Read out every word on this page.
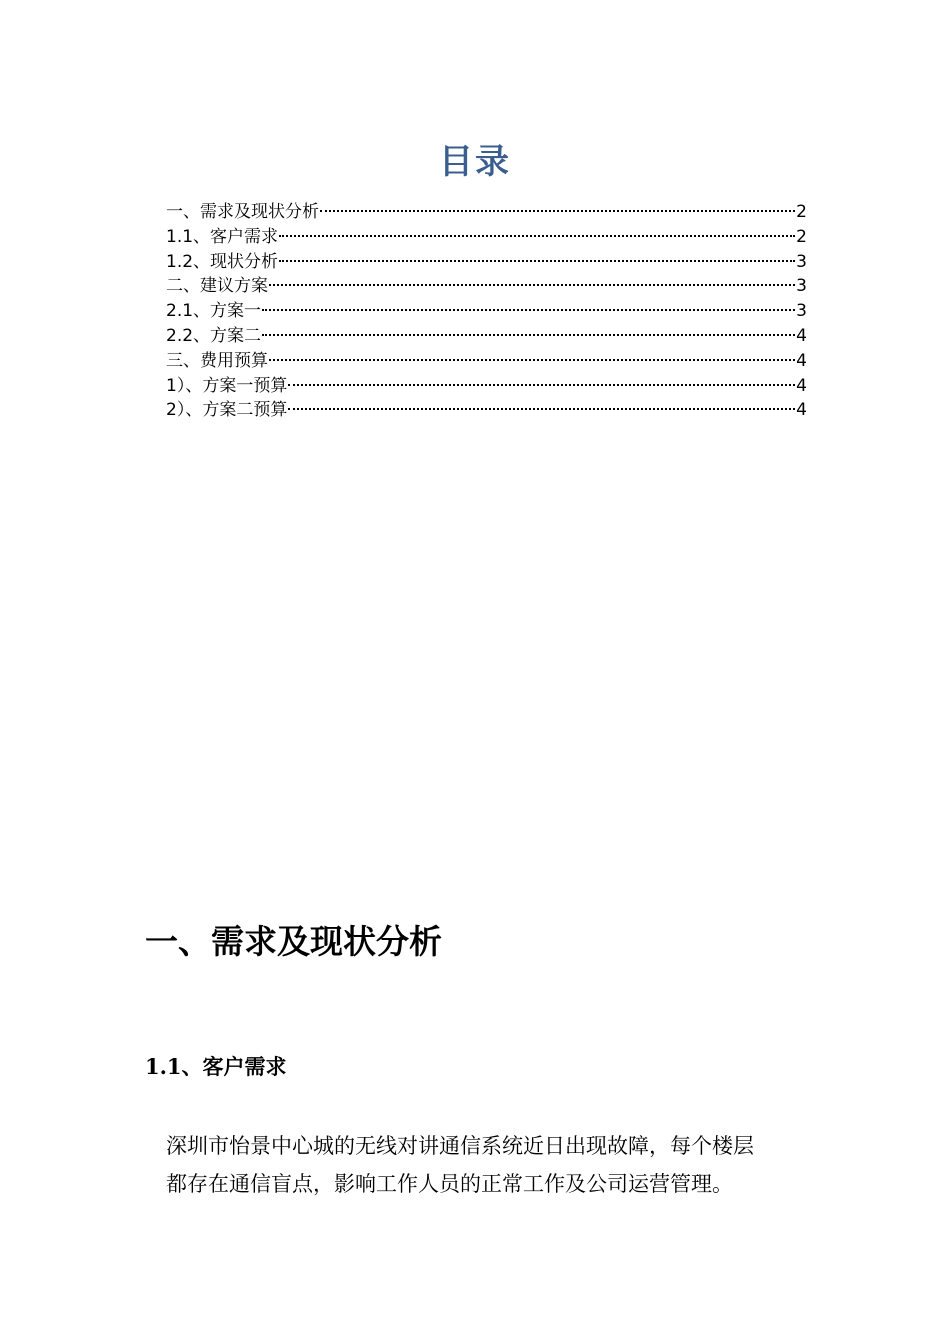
目录
一、需求及现状分析	2
1.1、客户需求	2
1.2、现状分析	3
二、建议方案	3
2.1、方案一	3
2.2、方案二	4
三、费用预算	4
1）、方案一预算	4
2）、方案二预算	4
一、需求及现状分析
1.1、客户需求
深圳市怡景中心城的无线对讲通信系统近日出现故障，每个楼层
都存在通信盲点，影响工作人员的正常工作及公司运营管理。
